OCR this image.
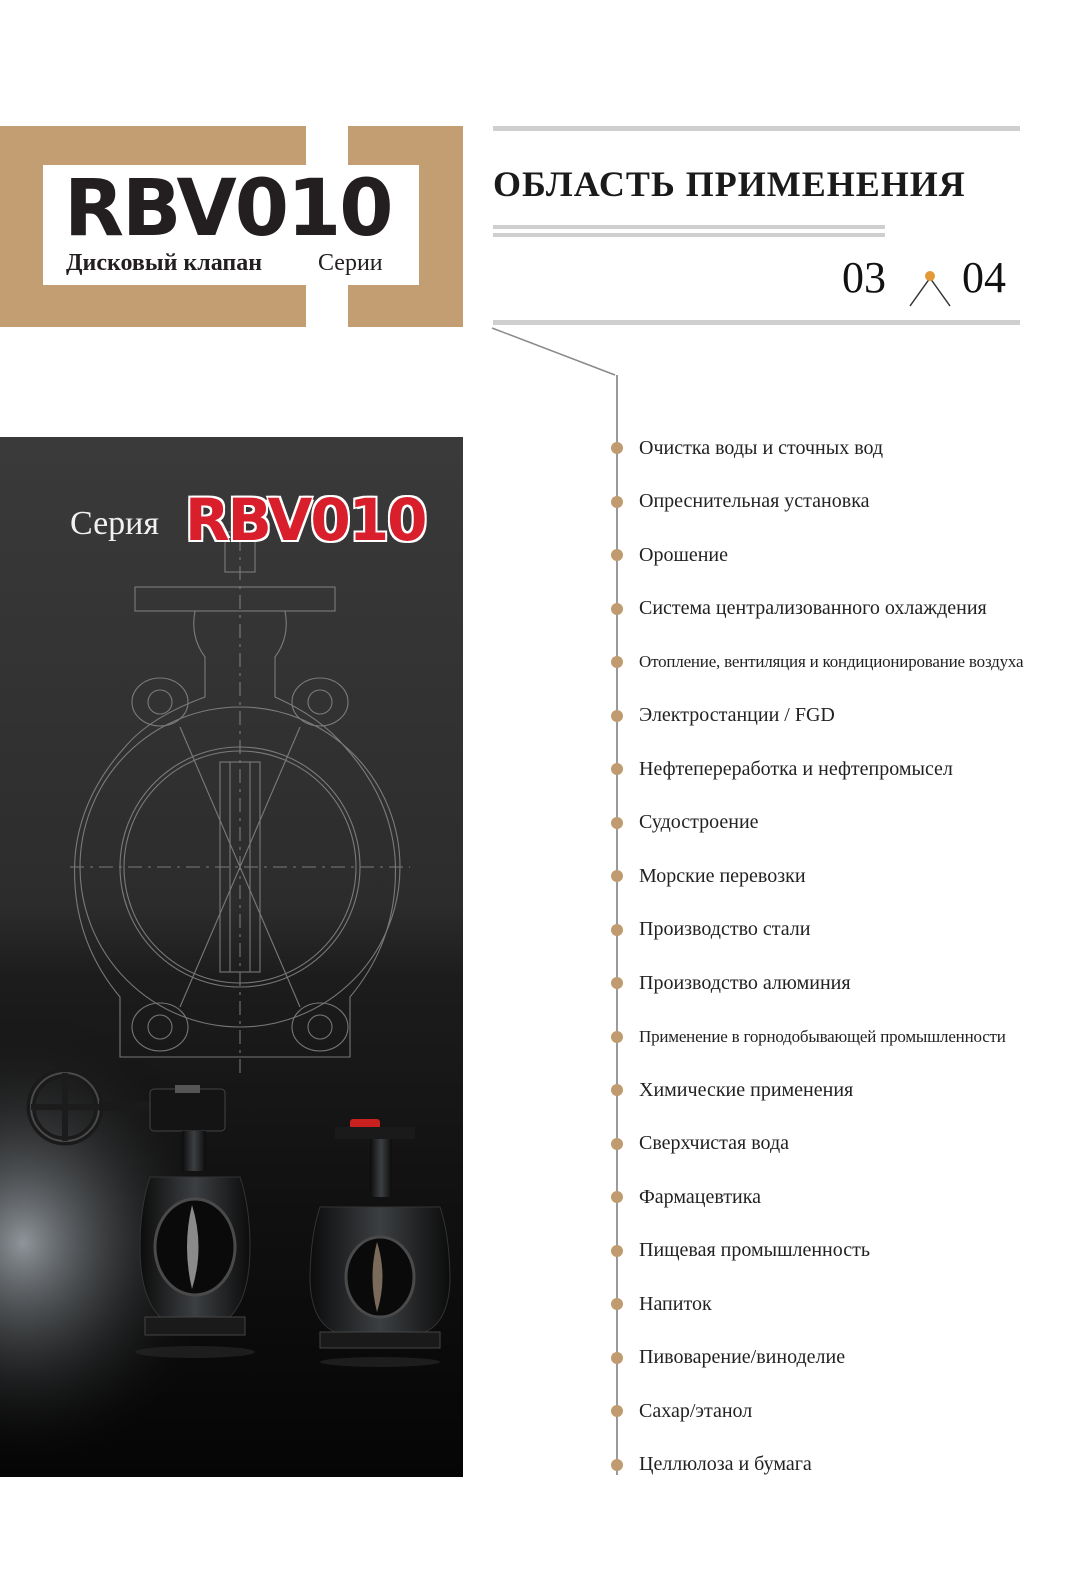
RBV010
Дисковый клапан Серии
ОБЛАСТЬ ПРИМЕНЕНИЯ
03 04
Серия RBV010
Очистка воды и сточных вод
Опреснительная установка
Орошение
Система централизованного охлаждения
Отопление, вентиляция и кондиционирование воздуха
Электростанции / FGD
Нефтепереработка и нефтепромысел
Судостроение
Морские перевозки
Производство стали
Производство алюминия
Применение в горнодобывающей промышленности
Химические применения
Сверхчистая вода
Фармацевтика
Пищевая промышленность
Напиток
Пивоварение/виноделие
Сахар/этанол
Целлюлоза и бумага
